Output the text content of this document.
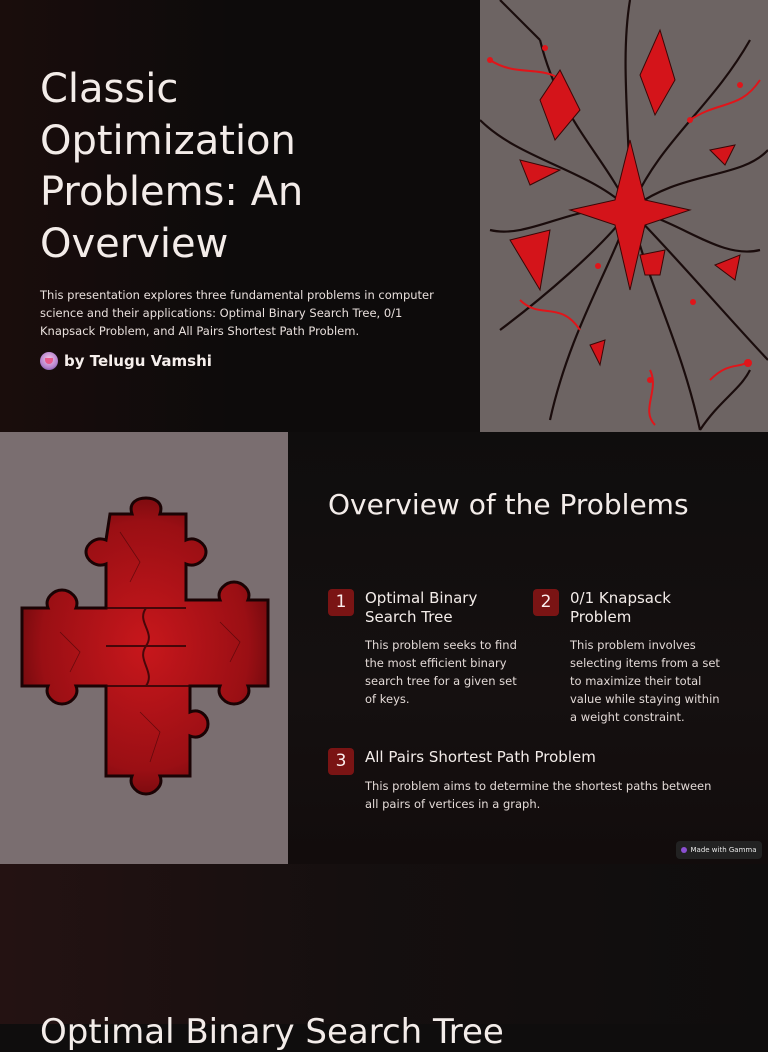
Classic Optimization Problems: An Overview

This presentation explores three fundamental problems in computer science and their applications: Optimal Binary Search Tree, 0/1 Knapsack Problem, and All Pairs Shortest Path Problem.

by Telugu Vamshi
Overview of the Problems
1	Optimal Binary Search Tree
This problem seeks to find the most efficient binary search tree for a given set of keys.
2	0/1 Knapsack Problem
This problem involves selecting items from a set to maximize their total value while staying within a weight constraint.
3	All Pairs Shortest Path Problem
This problem aims to determine the shortest paths between all pairs of vertices in a graph.
Made with Gamma
Optimal Binary Search Tree
